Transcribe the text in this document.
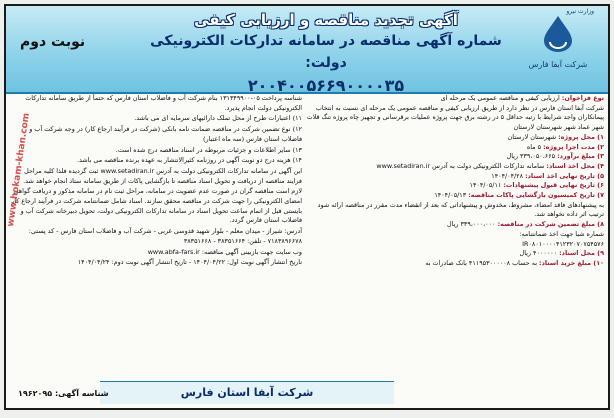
وزارت نیرو
شرکت آبفا فارس
آگهی تجدید مناقصه و ارزیابی کیفی
شماره آگهی مناقصه در سامانه تدارکات الکترونیکی دولت:
۲۰۰۴۰۰۵۶۶۹۰۰۰۰۳۵
نوبت دوم
نوع فراخوان: ارزیابی کیفی و مناقصه عمومی یک مرحله ای
شرکت آبفا استان فارس در نظر دارد از طریق ارزیابی کیفی و مناقصه عمومی یک مرحله ای نسبت به انتخاب پیمانکاران واجد شرایط با رتبه حداقل ۵ در رشته برق جهت پروژه عملیات برقرسانی و تجهیز چاه پروژه تنگ قلات شهر عماد شهر شهرستان لارستان
۱) محل پروژه: شهرستان لارستان
۲) مدت اجرا پروژه: ۵ ماه
۳) مبلغ برآورد: ۳۳۹،۰۵۰،۶۶۵ ریال
۴) محل اخذ اسناد: سامانه تدارکات الکترونیکی دولت به آدرس www.setadiran.ir
۵) تاریخ نهایی اخذ اسناد: ۱۴۰۴/۰۴/۲۸
۶) تاریخ نهایی قبول پیشنهادات: ۱۴۰۴/۰۵/۱۱
۷) تاریخ کمیسیون بازگشایی پاکات مناقصه: ۱۴۰۴/۰۵/۱۳
به پیشنهادهای فاقد امضاء، مشروط، مخدوش و پیشنهاداتی که بعد از انقضاء مدت مقرر در مناقصه ارائه شود ترتیب اثر داده نخواهد شد.
۸) مبلغ تضمین شرکت در مناقصه: ۳۳۹،۰۰۰،۰۰۰ ریال
شماره شبا جهت اخذ ضمانتنامه:
IR۰۸۰۱۰۰۰۰۴۱۲۳۲۰۷۰۷۵۴۵۷۶
۹) محل اسناد: ۴۰۰۰۰۰۰ ریال
۱۰) مبلغ خرید اسناد: به حساب ۴۱۱۹۵۳۰۰۰۰۰۸ بانک صادرات به
شناسه پرداخت ۰۵-۱۳۱۳۴۹۹۰۰ بنام شرکت آب و فاضلاب استان فارس که حتماً از طریق سامانه تدارکات الکترونیکی دولت انجام پذیرد.
۱۱) اعتبارات طرح از محل تملک دارائیهای سرمایه ای می باشد.
۱۲) نوع تضمین شرکت در مناقصه ضمانت نامه بانکی (شرکت در فرآیند ارجاع کار) در وجه شرکت آب و فاضلاب استان فارس (سه ماه اعتبار)
۱۳) سایر اطلاعات و جزئیات مربوطه در اسناد مناقصه درج شده است.
۱۴) هزینه درج دو نوبت آگهی در روزنامه کثیرالانتشار به عهده برنده مناقصه می باشد.
این آگهی در سامانه تدارکات الکترونیکی دولت به آدرس www.setadiran.ir ثبت گردیده فلذا کلیه مراحل فرایند مناقصه از دریافت و تحویل اسناد مناقصه تا بازگشایی پاکات از طریق سامانه ستاد انجام خواهد شد.
لازم است مناقصه گران در صورت عدم عضویت در سامانه، مراحل ثبت نام در سامانه مذکور و دریافت گواهی امضای الکترونیکی را جهت شرکت در مناقصه محقق سازند. اسناد شامل ضمانتنامه شرکت در فرآیند ارجاع کار بایستی قبل از اتمام ساعت تحویل اسناد در سامانه تدارکات الکترونیکی دولت، تحویل دبیرخانه شرکت آب و فاضلاب استان فارس گردد.
آدرس: شیراز - میدان معلم - بلوار شهید قدوسی غربی - شرکت آب و فاضلاب استان فارس - کد پستی: ۷۱۸۳۸۹۶۶۷۸ - تلفن: ۳۸۳۵۱۶۶۴ - ۳۸۳۵۱۶۶۸
وب سایت جهت بازبینی آگهی مناقصه: www.abfa-fars.ir
تاریخ انتشار آگهی نوبت اول: ۱۴۰۴/۰۴/۲۲ - تاریخ انتشار آگهی نوبت دوم: ۱۴۰۴/۰۴/۲۴
شرکت آبفا استان فارس
شناسه آگهی: ۱۹۶۲۰۹۵
www.hokam-khan.com
